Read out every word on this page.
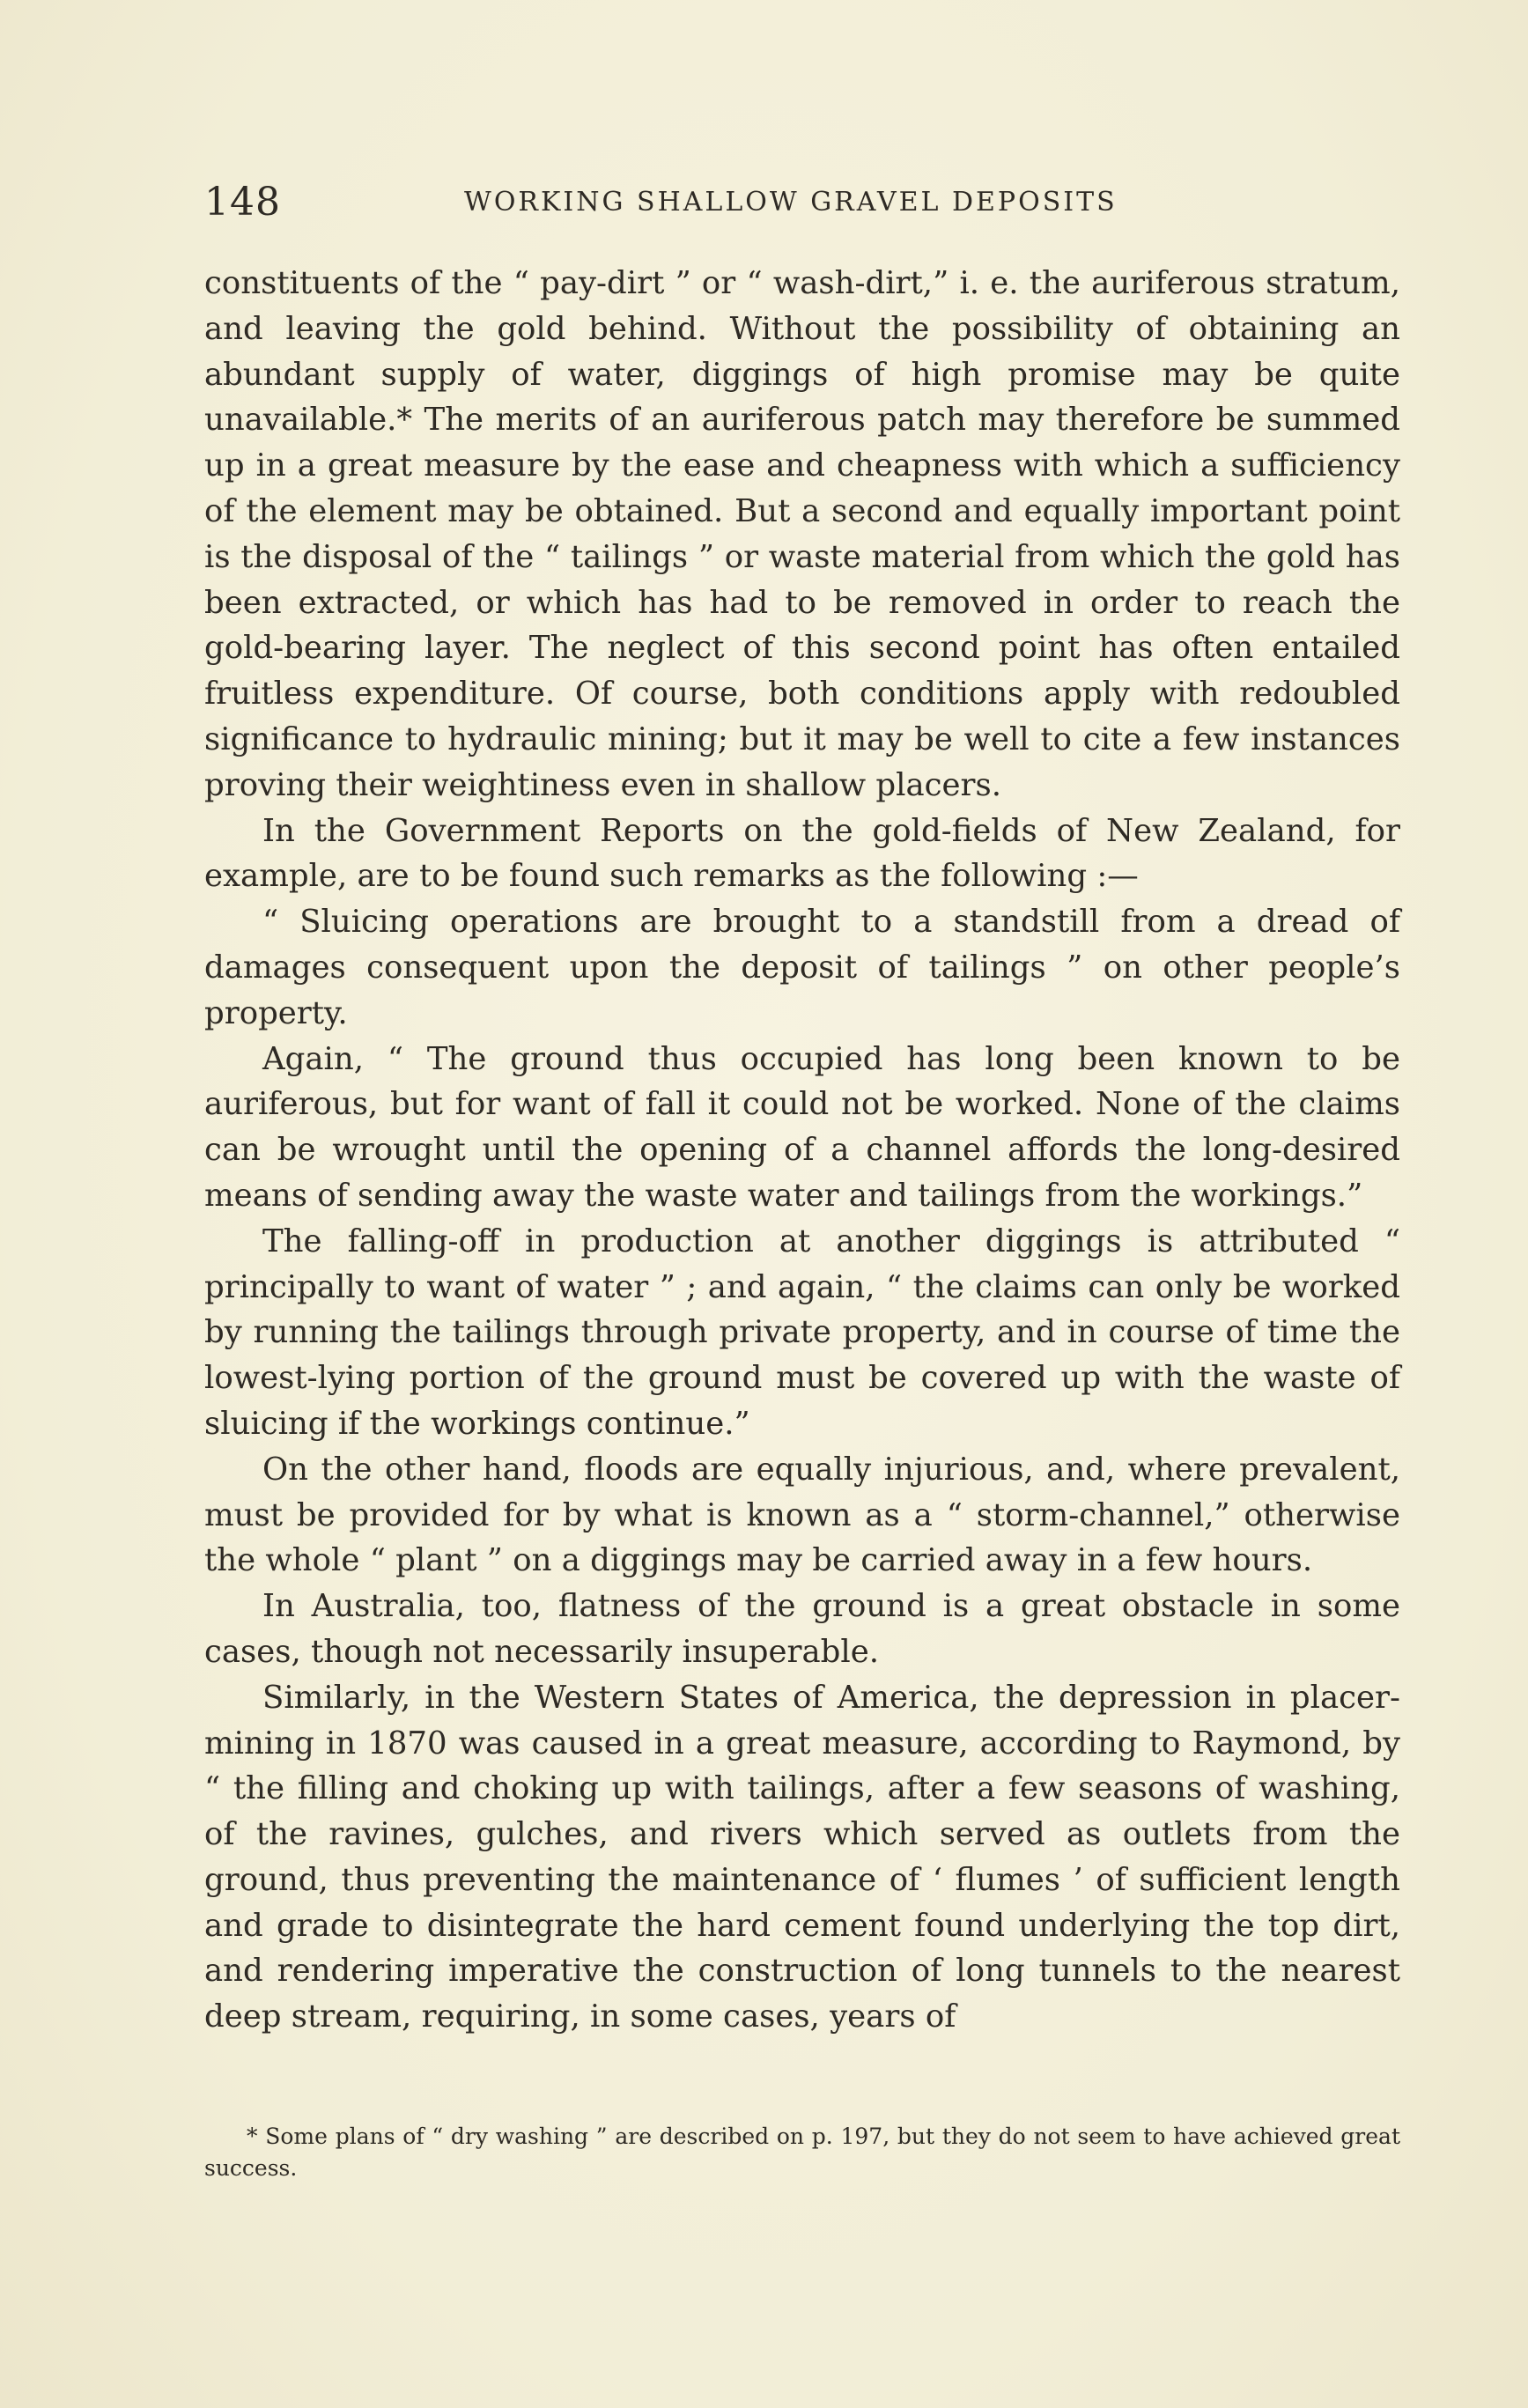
148	WORKING SHALLOW GRAVEL DEPOSITS

constituents of the “ pay-dirt ” or “ wash-dirt,” i. e. the auriferous stratum, and leaving the gold behind. Without the possibility of obtaining an abundant supply of water, diggings of high promise may be quite unavailable.* The merits of an auriferous patch may therefore be summed up in a great measure by the ease and cheapness with which a sufficiency of the element may be obtained. But a second and equally important point is the disposal of the “ tailings ” or waste material from which the gold has been extracted, or which has had to be removed in order to reach the gold-bearing layer. The neglect of this second point has often entailed fruitless expenditure. Of course, both conditions apply with redoubled significance to hydraulic mining; but it may be well to cite a few instances proving their weightiness even in shallow placers.

In the Government Reports on the gold-fields of New Zealand, for example, are to be found such remarks as the following :—

“ Sluicing operations are brought to a standstill from a dread of damages consequent upon the deposit of tailings ” on other people’s property.

Again, “ The ground thus occupied has long been known to be auriferous, but for want of fall it could not be worked. None of the claims can be wrought until the opening of a channel affords the long-desired means of sending away the waste water and tailings from the workings.”

The falling-off in production at another diggings is attributed “ principally to want of water ” ; and again, “ the claims can only be worked by running the tailings through private property, and in course of time the lowest-lying portion of the ground must be covered up with the waste of sluicing if the workings continue.”

On the other hand, floods are equally injurious, and, where prevalent, must be provided for by what is known as a “ storm-channel,” otherwise the whole “ plant ” on a diggings may be carried away in a few hours.

In Australia, too, flatness of the ground is a great obstacle in some cases, though not necessarily insuperable.

Similarly, in the Western States of America, the depression in placer-mining in 1870 was caused in a great measure, according to Raymond, by “ the filling and choking up with tailings, after a few seasons of washing, of the ravines, gulches, and rivers which served as outlets from the ground, thus preventing the maintenance of ‘ flumes ’ of sufficient length and grade to disintegrate the hard cement found underlying the top dirt, and rendering imperative the construction of long tunnels to the nearest deep stream, requiring, in some cases, years of

* Some plans of “ dry washing ” are described on p. 197, but they do not seem to have achieved great success.
